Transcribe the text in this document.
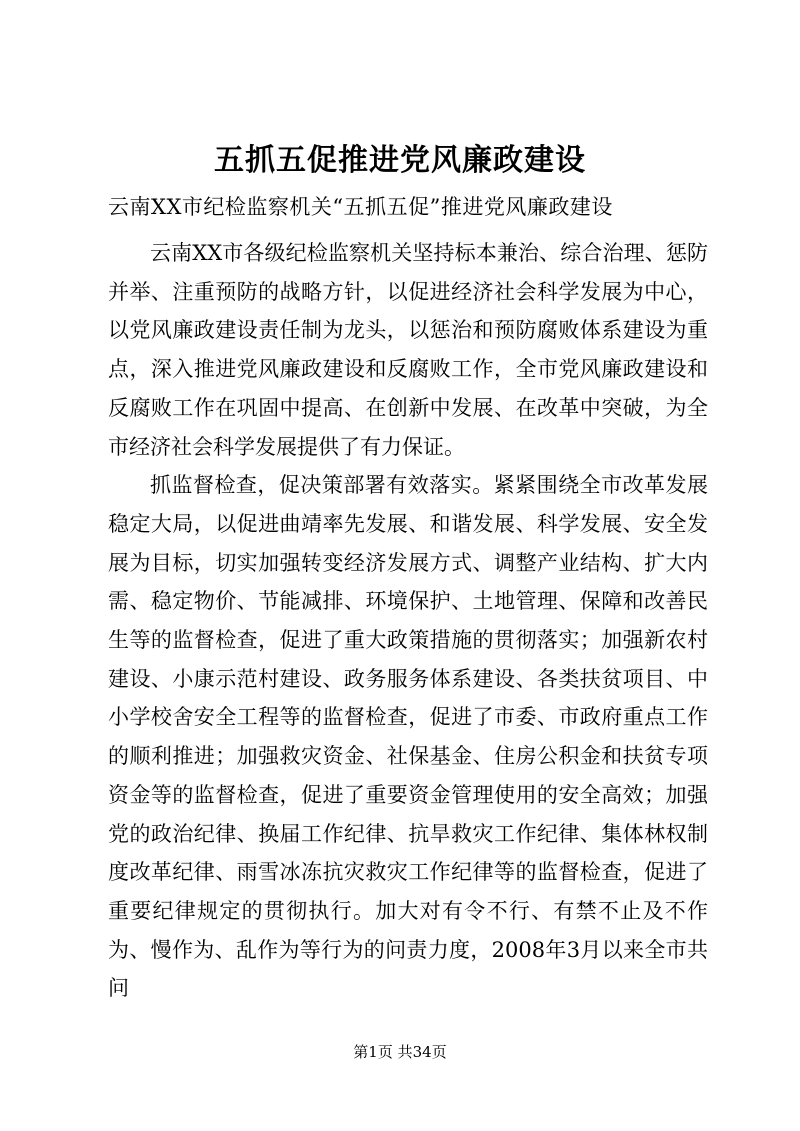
五抓五促推进党风廉政建设
云南XX市纪检监察机关“五抓五促”推进党风廉政建设

云南XX市各级纪检监察机关坚持标本兼治、综合治理、惩防并举、注重预防的战略方针，以促进经济社会科学发展为中心，以党风廉政建设责任制为龙头，以惩治和预防腐败体系建设为重点，深入推进党风廉政建设和反腐败工作，全市党风廉政建设和反腐败工作在巩固中提高、在创新中发展、在改革中突破，为全市经济社会科学发展提供了有力保证。

抓监督检查，促决策部署有效落实。紧紧围绕全市改革发展稳定大局，以促进曲靖率先发展、和谐发展、科学发展、安全发展为目标，切实加强转变经济发展方式、调整产业结构、扩大内需、稳定物价、节能减排、环境保护、土地管理、保障和改善民生等的监督检查，促进了重大政策措施的贯彻落实；加强新农村建设、小康示范村建设、政务服务体系建设、各类扶贫项目、中小学校舍安全工程等的监督检查，促进了市委、市政府重点工作的顺利推进；加强救灾资金、社保基金、住房公积金和扶贫专项资金等的监督检查，促进了重要资金管理使用的安全高效；加强党的政治纪律、换届工作纪律、抗旱救灾工作纪律、集体林权制度改革纪律、雨雪冰冻抗灾救灾工作纪律等的监督检查，促进了重要纪律规定的贯彻执行。加大对有令不行、有禁不止及不作为、慢作为、乱作为等行为的问责力度，2008年3月以来全市共问

第1页 共34页
